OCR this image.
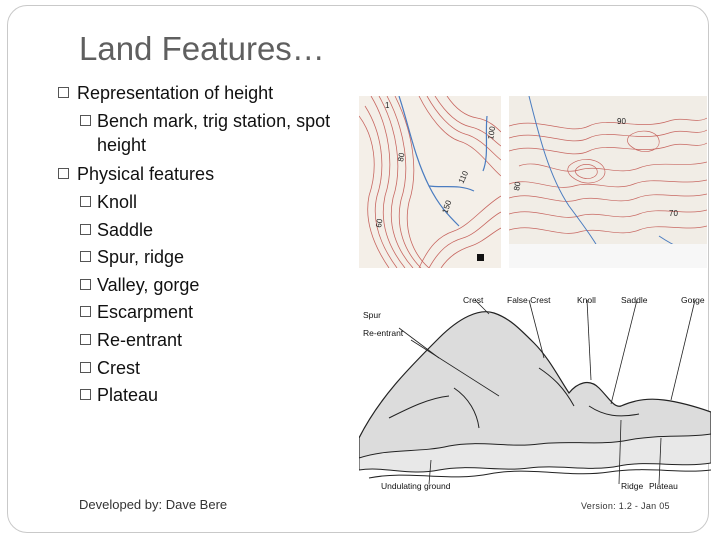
Land Features…
Representation of height
Bench mark, trig station, spot height
Physical features
Knoll
Saddle
Spur, ridge
Valley, gorge
Escarpment
Re-entrant
Crest
Plateau
80
110
150
60
100
1
80
90
70
Crest	False Crest	Knoll	Saddle	Gorge
Spur
Re-entrant
Undulating ground	Ridge Plateau
Developed by: Dave Bere	Version: 1.2 - Jan 05
